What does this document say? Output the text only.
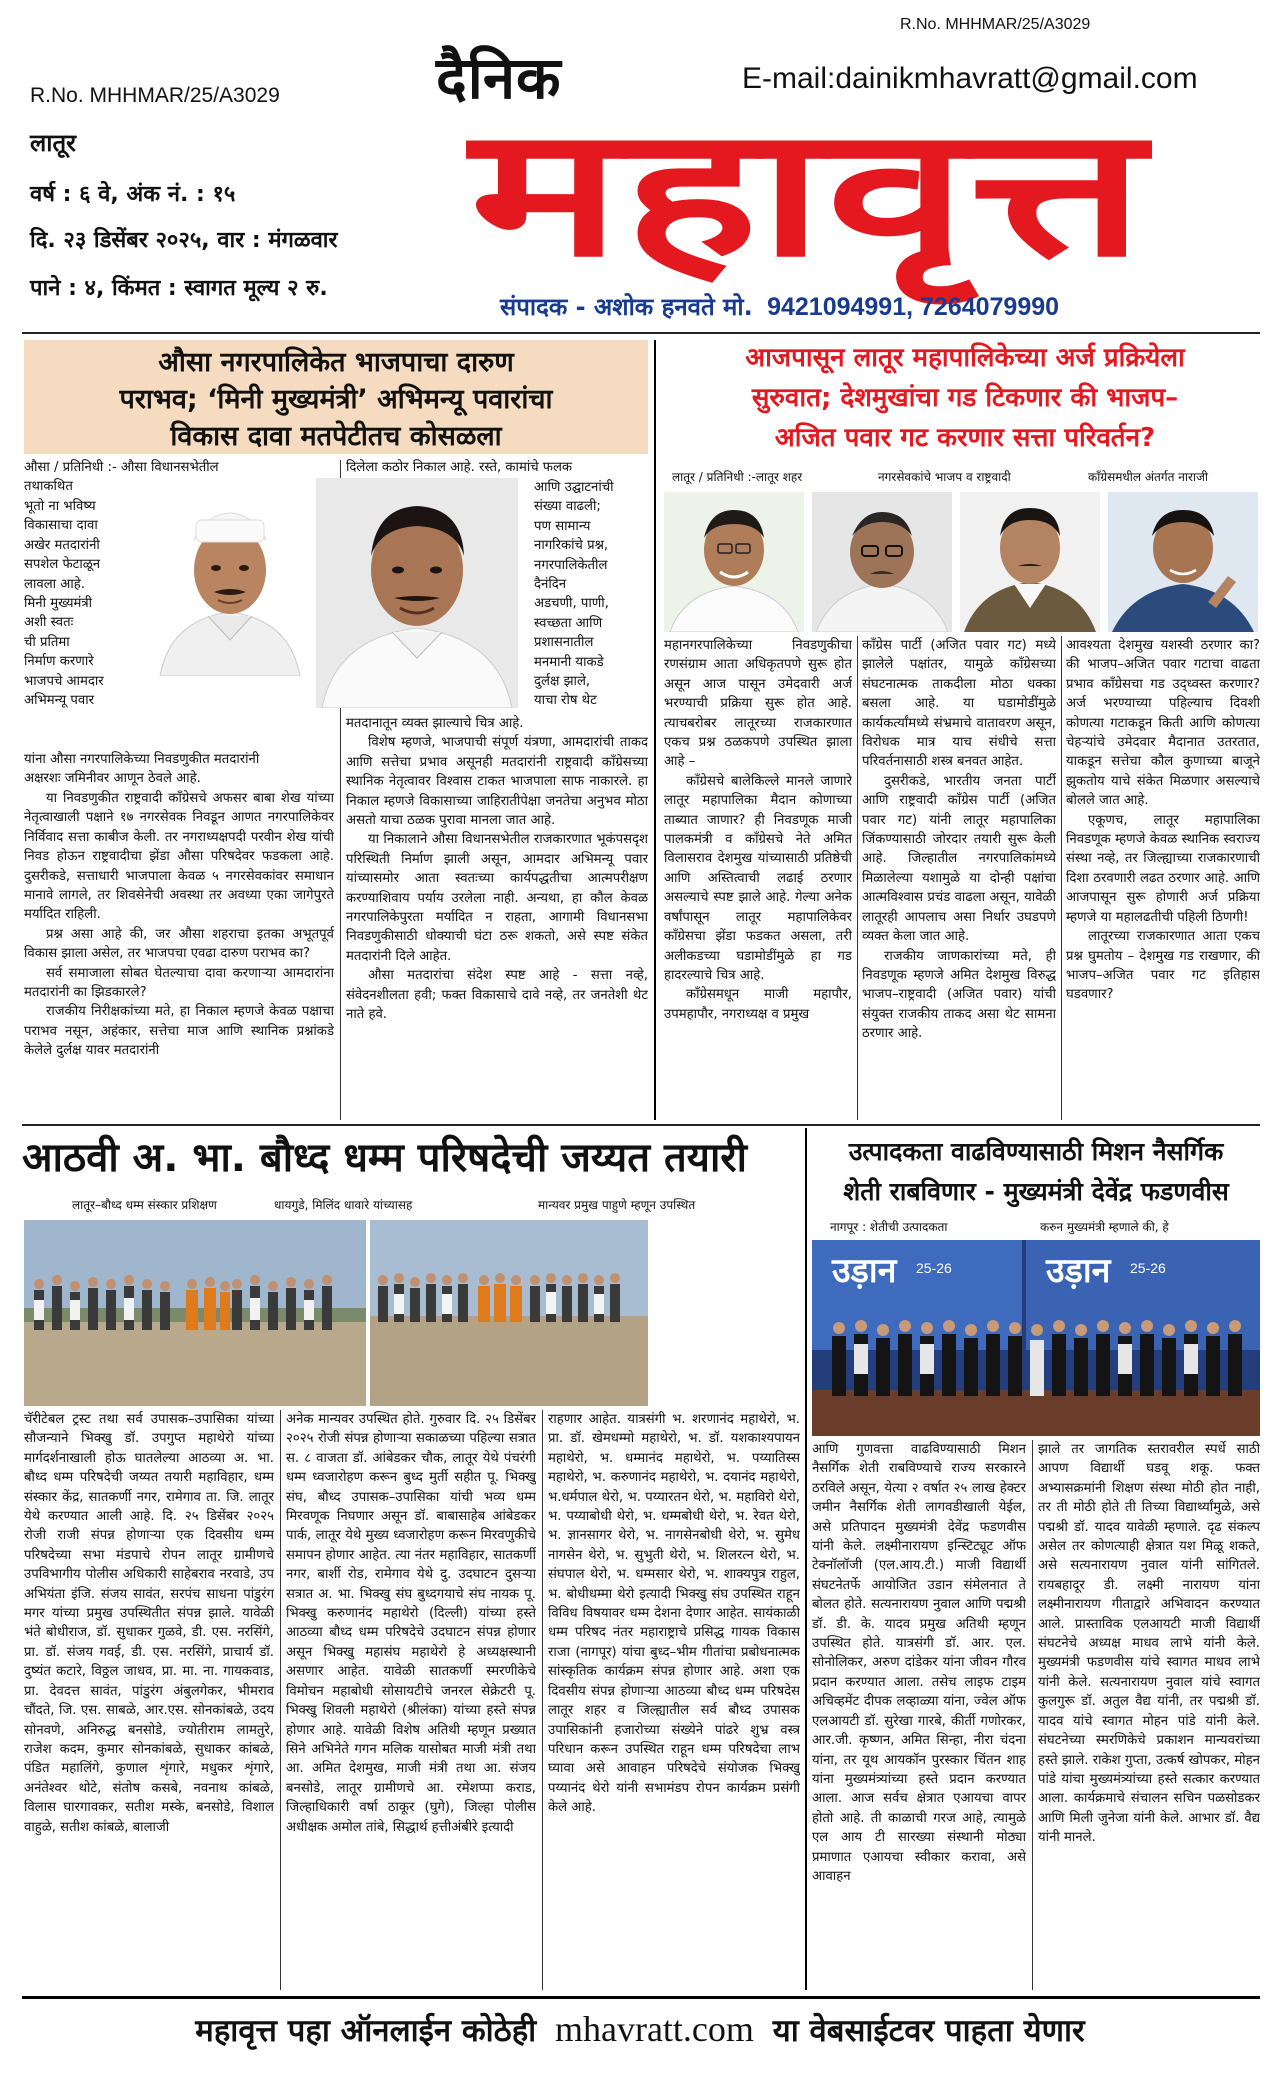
R.No. MHHMAR/25/A3029
R.No. MHHMAR/25/A3029	दैनिक	E-mail:dainikmhavratt@gmail.com
महावृत्त
लातूर
वर्ष : ६ वे, अंक नं. : १५
दि. २३ डिसेंबर २०२५, वार : मंगळवार
पाने : ४, किंमत : स्वागत मूल्य २ रु.
संपादक - अशोक हनवते मो. 9421094991, 7264079990
औसा नगरपालिकेत भाजपाचा दारुण
पराभव; ‘मिनी मुख्यमंत्री’ अभिमन्यू पवारांचा
विकास दावा मतपेटीतच कोसळला

औसा / प्रतिनिधी :- औसा विधानसभेतील

तथाकथित

भूतो ना भविष्य

विकासाचा दावा

अखेर मतदारांनी

सपशेल फेटाळून

लावला आहे.

मिनी मुख्यमंत्री

अशी स्वतः

ची प्रतिमा

निर्माण करणारे

भाजपचे आमदार

अभिमन्यू पवार

यांना औसा नगरपालिकेच्या निवडणुकीत मतदारांनी

अक्षरशः जमिनीवर आणून ठेवले आहे.

या निवडणुकीत राष्ट्रवादी काँग्रेसचे अफसर बाबा शेख यांच्या नेतृत्वाखाली पक्षाने १७ नगरसेवक निवडून आणत नगरपालिकेवर निर्विवाद सत्ता काबीज केली. तर नगराध्यक्षपदी परवीन शेख यांची निवड होऊन राष्ट्रवादीचा झेंडा औसा परिषदेवर फडकला आहे. दुसरीकडे, सत्ताधारी भाजपाला केवळ ५ नगरसेवकांवर समाधान मानावे लागले, तर शिवसेनेची अवस्था तर अवध्या एका जागेपुरते मर्यादित राहिली.

प्रश्न असा आहे की, जर औसा शहराचा इतका अभूतपूर्व विकास झाला असेल, तर भाजपचा एवढा दारुण पराभव का?

सर्व समाजाला सोबत घेतल्याचा दावा करणाऱ्या आमदारांना मतदारांनी का झिडकारले?

राजकीय निरीक्षकांच्या मते, हा निकाल म्हणजे केवळ पक्षाचा पराभव नसून, अहंकार, सत्तेचा माज आणि स्थानिक प्रश्नांकडे केलेले दुर्लक्ष यावर मतदारांनी

दिलेला कठोर निकाल आहे. रस्ते, कामांचे फलक

आणि उद्घाटनांची

संख्या वाढली;

पण सामान्य

नागरिकांचे प्रश्न,

नगरपालिकेतील

दैनंदिन

अडचणी, पाणी,

स्वच्छता आणि

प्रशासनातील

मनमानी याकडे

दुर्लक्ष झाले,

याचा रोष थेट

मतदानातून व्यक्त झाल्याचे चित्र आहे.

विशेष म्हणजे, भाजपाची संपूर्ण यंत्रणा, आमदारांची ताकद आणि सत्तेचा प्रभाव असूनही मतदारांनी राष्ट्रवादी काँग्रेसच्या स्थानिक नेतृत्वावर विश्वास टाकत भाजपाला साफ नाकारले. हा निकाल म्हणजे विकासाच्या जाहिरातीपेक्षा जनतेचा अनुभव मोठा असतो याचा ठळक पुरावा मानला जात आहे.

या निकालाने औसा विधानसभेतील राजकारणात भूकंपसदृश परिस्थिती निर्माण झाली असून, आमदार अभिमन्यू पवार यांच्यासमोर आता स्वतःच्या कार्यपद्धतीचा आत्मपरीक्षण करण्याशिवाय पर्याय उरलेला नाही. अन्यथा, हा कौल केवळ नगरपालिकेपुरता मर्यादित न राहता, आगामी विधानसभा निवडणुकीसाठी धोक्याची घंटा ठरू शकतो, असे स्पष्ट संकेत मतदारांनी दिले आहेत.

औसा मतदारांचा संदेश स्पष्ट आहे - सत्ता नव्हे, संवेदनशीलता हवी; फक्त विकासाचे दावे नव्हे, तर जनतेशी थेट नाते हवे.

आजपासून लातूर महापालिकेच्या अर्ज प्रक्रियेला
सुरुवात; देशमुखांचा गड टिकणार की भाजप–
अजित पवार गट करणार सत्ता परिवर्तन?
लातूर / प्रतिनिधी :-लातूर शहर	नगरसेवकांचे भाजप व राष्ट्रवादी	काँग्रेसमधील अंतर्गत नाराजी

महानगरपालिकेच्या निवडणुकीचा रणसंग्राम आता अधिकृतपणे सुरू होत असून आज पासून उमेदवारी अर्ज भरण्याची प्रक्रिया सुरू होत आहे. त्याचबरोबर लातूरच्या राजकारणात एकच प्रश्न ठळकपणे उपस्थित झाला आहे –

काँग्रेसचे बालेकिल्ले मानले जाणारे लातूर महापालिका मैदान कोणाच्या ताब्यात जाणार? ही निवडणूक माजी पालकमंत्री व काँग्रेसचे नेते अमित विलासराव देशमुख यांच्यासाठी प्रतिष्ठेची आणि अस्तित्वाची लढाई ठरणार असल्याचे स्पष्ट झाले आहे. गेल्या अनेक वर्षांपासून लातूर महापालिकेवर काँग्रेसचा झेंडा फडकत असला, तरी अलीकडच्या घडामोडींमुळे हा गड हादरल्याचे चित्र आहे.

काँग्रेसमधून माजी महापौर, उपमहापौर, नगराध्यक्ष व प्रमुख

काँग्रेस पार्टी (अजित पवार गट) मध्ये झालेले पक्षांतर, यामुळे काँग्रेसच्या संघटनात्मक ताकदीला मोठा धक्का बसला आहे. या घडामोडींमुळे कार्यकर्त्यांमध्ये संभ्रमाचे वातावरण असून, विरोधक मात्र याच संधीचे सत्ता परिवर्तनासाठी शस्त्र बनवत आहेत.

दुसरीकडे, भारतीय जनता पार्टी आणि राष्ट्रवादी काँग्रेस पार्टी (अजित पवार गट) यांनी लातूर महापालिका जिंकण्यासाठी जोरदार तयारी सुरू केली आहे. जिल्हातील नगरपालिकांमध्ये मिळालेल्या यशामुळे या दोन्ही पक्षांचा आत्मविश्वास प्रचंड वाढला असून, यावेळी लातूरही आपलाच असा निर्धार उघडपणे व्यक्त केला जात आहे.

राजकीय जाणकारांच्या मते, ही निवडणूक म्हणजे अमित देशमुख विरुद्ध भाजप–राष्ट्रवादी (अजित पवार) यांची संयुक्त राजकीय ताकद असा थेट सामना ठरणार आहे.

आवश्यता देशमुख यशस्वी ठरणार का? की भाजप–अजित पवार गटाचा वाढता प्रभाव काँग्रेसचा गड उद्ध्वस्त करणार? अर्ज भरण्याच्या पहिल्याच दिवशी कोणत्या गटाकडून किती आणि कोणत्या चेहऱ्यांचे उमेदवार मैदानात उतरतात, याकडून सत्तेचा कौल कुणाच्या बाजूने झुकतोय याचे संकेत मिळणार असल्याचे बोलले जात आहे.

एकूणच, लातूर महापालिका निवडणूक म्हणजे केवळ स्थानिक स्वराज्य संस्था नव्हे, तर जिल्ह्याच्या राजकारणाची दिशा ठरवणारी लढत ठरणार आहे. आणि आजपासून सुरू होणारी अर्ज प्रक्रिया म्हणजे या महालढतीची पहिली ठिणगी!

लातूरच्या राजकारणात आता एकच प्रश्न घुमतोय – देशमुख गड राखणार, की भाजप–अजित पवार गट इतिहास घडवणार?

आठवी अ. भा. बौध्द धम्म परिषदेची जय्यत तयारी
लातूर–बौध्द धम्म संस्कार प्रशिक्षण	धायगुडे, मिलिंद धावारे यांच्यासह	मान्यवर प्रमुख पाहुणे म्हणून उपस्थित

चॅरीटेबल ट्रस्ट तथा सर्व उपासक–उपासिका यांच्या सौजन्याने भिक्खु डॉ. उपगुप्त महाथेरो यांच्या मार्गदर्शनाखाली होऊ घातलेल्या आठव्या अ. भा. बौध्द धम्म परिषदेची जय्यत तयारी महाविहार, धम्म संस्कार केंद्र, सातकर्णी नगर, रामेगाव ता. जि. लातूर येथे करण्यात आली आहे. दि. २५ डिसेंबर २०२५ रोजी राजी संपन्न होणाऱ्या एक दिवसीय धम्म परिषदेच्या सभा मंडपाचे रोपन लातूर ग्रामीणचे उपविभागीय पोलीस अधिकारी साहेबराव नरवाडे, उप अभियंता इंजि. संजय सावंत, सरपंच साधना पांडुरंग मगर यांच्या प्रमुख उपस्थितीत संपन्न झाले. यावेळी भंते बोधीराज, डॉ. सुधाकर गुळवे, डी. एस. नरसिंगे, प्रा. डॉ. संजय गवई, डी. एस. नरसिंगे, प्राचार्य डॉ. दुष्यंत कटारे, विठ्ठल जाधव, प्रा. मा. ना. गायकवाड, प्रा. देवदत्त सावंत, पांडुरंग अंबुलगेकर, भीमराव चौंदते, जि. एस. साबळे, आर.एस. सोनकांबळे, उदय सोनवणे, अनिरुद्ध बनसोडे, ज्योतीराम लामतुरे, राजेश कदम, कुमार सोनकांबळे, सुधाकर कांबळे, पंडित महालिंगे, कुणाल शृंगारे, मधुकर शृंगारे, अनंतेश्वर थोटे, संतोष कसबे, नवनाथ कांबळे, विलास घारगावकर, सतीश मस्के, बनसोडे, विशाल वाहुळे, सतीश कांबळे, बालाजी

अनेक मान्यवर उपस्थित होते. गुरुवार दि. २५ डिसेंबर २०२५ रोजी संपन्न होणाऱ्या सकाळच्या पहिल्या सत्रात स. ८ वाजता डॉ. आंबेडकर चौक, लातूर येथे पंचरंगी धम्म ध्वजारोहण करून बुध्द मुर्ती सहीत पू. भिक्खु संघ, बौध्द उपासक–उपासिका यांची भव्य धम्म मिरवणूक निघणार असून डॉ. बाबासाहेब आंबेडकर पार्क, लातूर येथे मुख्य ध्वजारोहण करून मिरवणुकीचे समापन होणार आहेत. त्या नंतर महाविहार, सातकर्णी नगर, बार्शी रोड, रामेगाव येथे दु. उदघाटन दुसऱ्या सत्रात अ. भा. भिक्खु संघ बुध्दगयाचे संघ नायक पू. भिक्खु करुणानंद महाथेरो (दिल्ली) यांच्या हस्ते आठव्या बौध्द धम्म परिषदेचे उदघाटन संपन्न होणार असून भिक्खु महासंघ महाथेरो हे अध्यक्षस्थानी असणार आहेत. यावेळी सातकर्णी स्मरणीकेचे विमोचन महाबोधी सोसायटीचे जनरल सेक्रेटरी पू. भिक्खु शिवली महाथेरो (श्रीलंका) यांच्या हस्ते संपन्न होणार आहे. यावेळी विशेष अतिथी म्हणून प्रख्यात सिने अभिनेते गगन मलिक यासोबत माजी मंत्री तथा आ. अमित देशमुख, माजी मंत्री तथा आ. संजय बनसोडे, लातूर ग्रामीणचे आ. रमेशप्पा कराड, जिल्हाधिकारी वर्षा ठाकूर (घुगे), जिल्हा पोलीस अधीक्षक अमोल तांबे, सिद्धार्थ हत्तीअंबीरे इत्यादी

राहणार आहेत. यात्रसंगी भ. शरणानंद महाथेरो, भ. प्रा. डॉ. खेमधम्मो महाथेरो, भ. डॉ. यशकाश्यपायन महाथेरो, भ. धम्मानंद महाथेरो, भ. पय्यातिस्स महाथेरो, भ. करुणानंद महाथेरो, भ. दयानंद महाथेरो, भ.धर्मपाल थेरो, भ. पय्यारतन थेरो, भ. महाविरो थेरो, भ. पय्याबोधी थेरो, भ. धम्मबोधी थेरो, भ. रेवत थेरो, भ. ज्ञानसागर थेरो, भ. नागसेनबोधी थेरो, भ. सुमेध नागसेन थेरो, भ. सुभुती थेरो, भ. शिलरत्न थेरो, भ. संघपाल थेरो, भ. धम्मसार थेरो, भ. शाक्यपुत्र राहुल, भ. बोधीधम्मा थेरो इत्यादी भिक्खु संघ उपस्थित राहून विविध विषयावर धम्म देशना देणार आहेत. सायंकाळी धम्म परिषद नंतर महाराष्ट्राचे प्रसिद्ध गायक विकास राजा (नागपूर) यांचा बुध्द–भीम गीतांचा प्रबोधनात्मक सांस्कृतिक कार्यक्रम संपन्न होणार आहे. अशा एक दिवसीय संपन्न होणाऱ्या आठव्या बौध्द धम्म परिषदेस लातूर शहर व जिल्ह्यातील सर्व बौध्द उपासक उपासिकांनी हजारोच्या संख्येने पांढरे शुभ्र वस्त्र परिधान करून उपस्थित राहून धम्म परिषदेचा लाभ घ्यावा असे आवाहन परिषदेचे संयोजक भिक्खु पय्यानंद थेरो यांनी सभामंडप रोपन कार्यक्रम प्रसंगी केले आहे.

उत्पादकता वाढविण्यासाठी मिशन नैसर्गिक
शेती राबविणार - मुख्यमंत्री देवेंद्र फडणवीस
नागपूर : शेतीची उत्पादकता	करुन मुख्यमंत्री म्हणाले की, हे
उड़ान 25-26	उड़ान 25-26

आणि गुणवत्ता वाढविण्यासाठी मिशन नैसर्गिक शेती राबविण्याचे राज्य सरकारने ठरविले असून, येत्या २ वर्षात २५ लाख हेक्टर जमीन नैसर्गिक शेती लागवडीखाली येईल, असे प्रतिपादन मुख्यमंत्री देवेंद्र फडणवीस यांनी केले. लक्ष्मीनारायण इन्स्टिट्यूट ऑफ टेक्नॉलॉजी (एल.आय.टी.) माजी विद्यार्थी संघटनेतर्फे आयोजित उडान संमेलनात ते बोलत होते. सत्यनारायण नुवाल आणि पद्मश्री डॉ. डी. के. यादव प्रमुख अतिथी म्हणून उपस्थित होते. यात्रसंगी डॉ. आर. एल. सोनोलिकर, अरुण दांडेकर यांना जीवन गौरव प्रदान करण्यात आला. तसेच लाइफ टाइम अचिव्हमेंट दीपक लव्हाळ्या यांना, ज्वेल ऑफ एलआयटी डॉ. सुरेखा गारबे, कीर्ती गणोरकर, आर.जी. कृष्णन, अमित सिन्हा, नीरा चंदना यांना, तर यूथ आयकॉन पुरस्कार चिंतन शाह यांना मुख्यमंत्र्यांच्या हस्ते प्रदान करण्यात आला. आज सर्वच क्षेत्रात एआयचा वापर होतो आहे. ती काळाची गरज आहे, त्यामुळे एल आय टी सारख्या संस्थानी मोठ्या प्रमाणात एआयचा स्वीकार करावा, असे आवाहन

झाले तर जागतिक स्तरावरील स्पर्धे साठी आपण विद्यार्थी घडवू शकू. फक्त अभ्यासक्रमांनी शिक्षण संस्था मोठी होत नाही, तर ती मोठी होते ती तिच्या विद्यार्थ्यांमुळे, असे पद्मश्री डॉ. यादव यावेळी म्हणाले. दृढ संकल्प असेल तर कोणत्याही क्षेत्रात यश मिळू शकते, असे सत्यनारायण नुवाल यांनी सांगितले. रायबहादूर डी. लक्ष्मी नारायण यांना लक्ष्मीनारायण गीताद्वारे अभिवादन करण्यात आले. प्रास्ताविक एलआयटी माजी विद्यार्थी संघटनेचे अध्यक्ष माधव लाभे यांनी केले. मुख्यमंत्री फडणवीस यांचे स्वागत माधव लाभे यांनी केले. सत्यनारायण नुवाल यांचे स्वागत कुलगुरू डॉ. अतुल वैद्य यांनी, तर पद्मश्री डॉ. यादव यांचे स्वागत मोहन पांडे यांनी केले. संघटनेच्या स्मरणिकेचे प्रकाशन मान्यवरांच्या हस्ते झाले. राकेश गुप्ता, उत्कर्ष खोपकर, मोहन पांडे यांचा मुख्यमंत्र्यांच्या हस्ते सत्कार करण्यात आला. कार्यक्रमाचे संचालन सचिन पळसोडकर आणि मिली जुनेजा यांनी केले. आभार डॉ. वैद्य यांनी मानले.

महावृत्त पहा ऑनलाईन कोठेही mhavratt.com या वेबसाईटवर पाहता येणार
